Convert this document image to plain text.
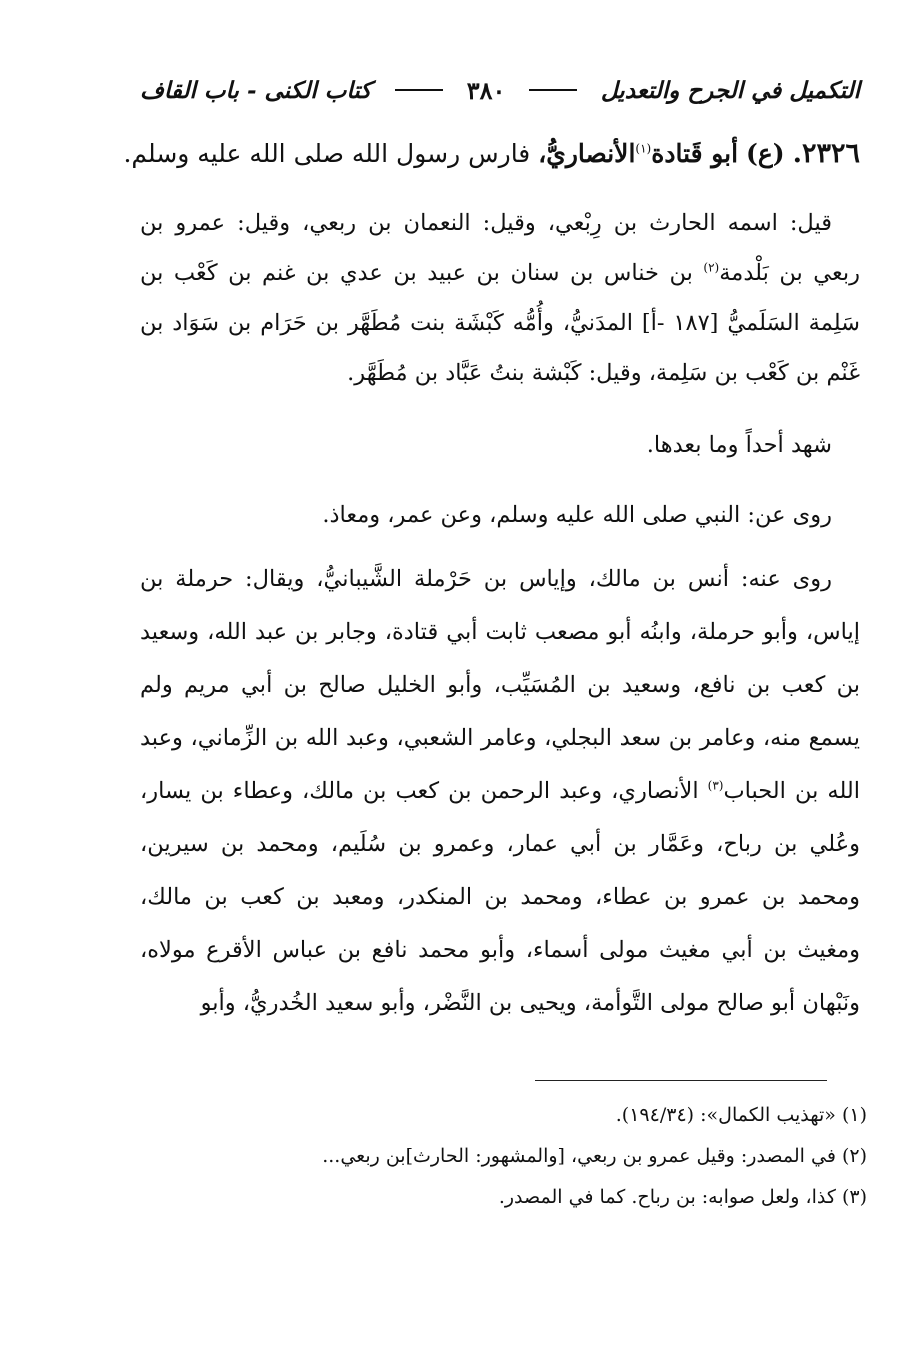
التكميل في الجرح والتعديل
٣٨٠
كتاب الكنى - باب القاف
٢٣٢٦. (ع) أبو قَتادة$^{(١)}$الأنصاريُّ، فارس رسول الله صلى الله عليه وسلم.

قيل: اسمه الحارث بن رِبْعي، وقيل: النعمان بن ربعي، وقيل: عمرو بن ربعي بن بَلْدمة$^{(٢)}$ بن خناس بن سنان بن عبيد بن عدي بن غنم بن كَعْب بن سَلِمة السَلَميُّ [١٨٧ -أ] المدَنيُّ، وأُمُّه كَبْشَة بنت مُطَهَّر بن حَرَام بن سَوَاد بن غَنْم بن كَعْب بن سَلِمة، وقيل: كَبْشة بنتُ عَبَّاد بن مُطَهَّر.

شهد أحداً وما بعدها.

روى عن: النبي صلى الله عليه وسلم، وعن عمر، ومعاذ.

روى عنه: أنس بن مالك، وإياس بن حَرْملة الشَّيبانيُّ، ويقال: حرملة بن إياس، وأبو حرملة، وابنُه أبو مصعب ثابت أبي قتادة، وجابر بن عبد الله، وسعيد بن كعب بن نافع، وسعيد بن المُسَيِّب، وأبو الخليل صالح بن أبي مريم ولم يسمع منه، وعامر بن سعد البجلي، وعامر الشعبي، وعبد الله بن الزِّماني، وعبد الله بن الحباب$^{(٣)}$ الأنصاري، وعبد الرحمن بن كعب بن مالك، وعطاء بن يسار، وعُلي بن رباح، وعَمَّار بن أبي عمار، وعمرو بن سُلَيم، ومحمد بن سيرين، ومحمد بن عمرو بن عطاء، ومحمد بن المنكدر، ومعبد بن كعب بن مالك، ومغيث بن أبي مغيث مولى أسماء، وأبو محمد نافع بن عباس الأقرع مولاه، ونَبْهان أبو صالح مولى التَّوأمة، ويحيى بن النَّضْر، وأبو سعيد الخُدريُّ، وأبو

(١) «تهذيب الكمال»: (١٩٤/٣٤).
(٢) في المصدر: وقيل عمرو بن ربعي، [والمشهور: الحارث]بن ربعي...
(٣) كذا، ولعل صوابه: بن رباح. كما في المصدر.
